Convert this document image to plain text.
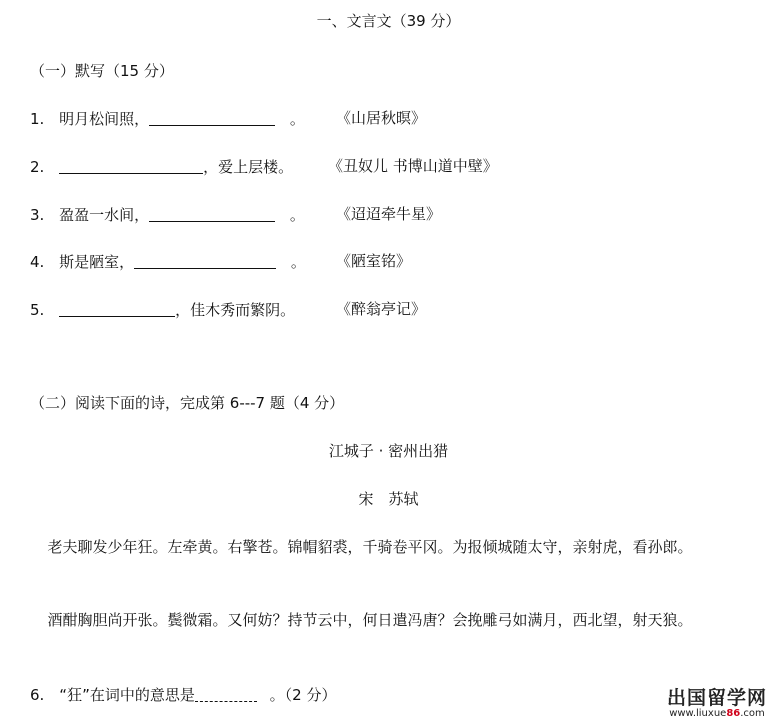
一、文言文（39 分）
（一）默写（15 分）
1. 明月松间照，	。 《山居秋暝》
2.	，爱上层楼。 《丑奴儿 书博山道中壁》
3. 盈盈一水间，	。 《迢迢牵牛星》
4. 斯是陋室，	。 《陋室铭》
5.	，佳木秀而繁阴。	《醉翁亭记》
（二）阅读下面的诗，完成第 6---7 题（4 分）
江城子 · 密州出猎
宋　苏轼
老夫聊发少年狂。左牵黄。右擎苍。锦帽貂裘，千骑卷平冈。为报倾城随太守，亲射虎，看孙郎。
酒酣胸胆尚开张。鬓微霜。又何妨？持节云中，何日遣冯唐？会挽雕弓如满月，西北望，射天狼。
6.　“狂”在词中的意思是	。（2 分）	出国留学网
www.liuxue86.com
